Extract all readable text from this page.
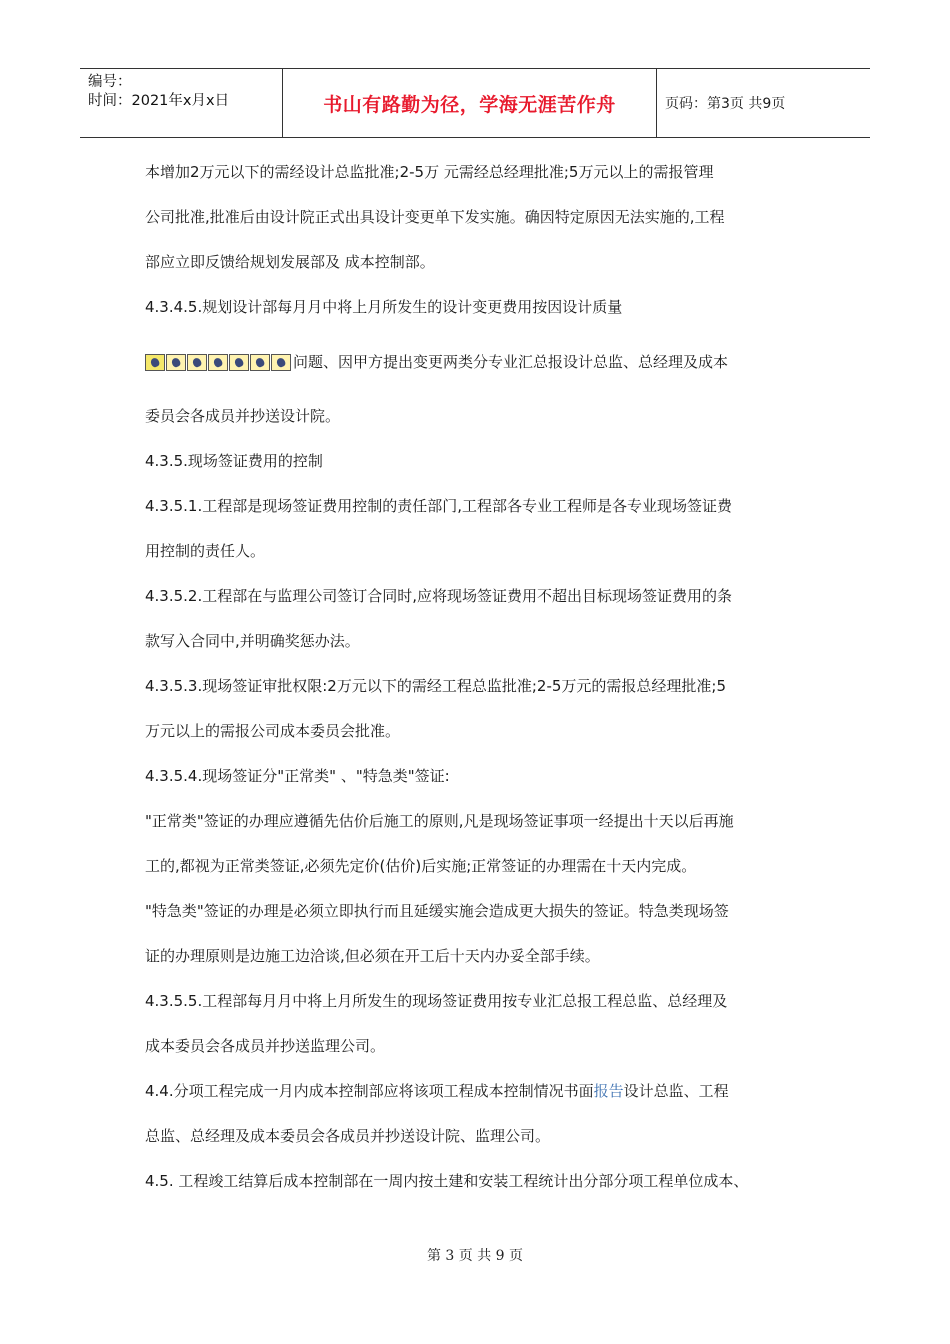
编号：
时间：2021年x月x日	书山有路勤为径，学海无涯苦作舟	页码：第3页 共9页
本增加2万元以下的需经设计总监批准;2-5万 元需经总经理批准;5万元以上的需报管理
公司批准,批准后由设计院正式出具设计变更单下发实施。确因特定原因无法实施的,工程
部应立即反馈给规划发展部及 成本控制部。
4.3.4.5.规划设计部每月月中将上月所发生的设计变更费用按因设计质量
问题、因甲方提出变更两类分专业汇总报设计总监、总经理及成本
委员会各成员并抄送设计院。
4.3.5.现场签证费用的控制
4.3.5.1.工程部是现场签证费用控制的责任部门,工程部各专业工程师是各专业现场签证费
用控制的责任人。
4.3.5.2.工程部在与监理公司签订合同时,应将现场签证费用不超出目标现场签证费用的条
款写入合同中,并明确奖惩办法。
4.3.5.3.现场签证审批权限:2万元以下的需经工程总监批准;2-5万元的需报总经理批准;5
万元以上的需报公司成本委员会批准。
4.3.5.4.现场签证分"正常类" 、"特急类"签证:
"正常类"签证的办理应遵循先估价后施工的原则,凡是现场签证事项一经提出十天以后再施
工的,都视为正常类签证,必须先定价(估价)后实施;正常签证的办理需在十天内完成。
"特急类"签证的办理是必须立即执行而且延缓实施会造成更大损失的签证。特急类现场签
证的办理原则是边施工边洽谈,但必须在开工后十天内办妥全部手续。
4.3.5.5.工程部每月月中将上月所发生的现场签证费用按专业汇总报工程总监、总经理及
成本委员会各成员并抄送监理公司。
4.4.分项工程完成一月内成本控制部应将该项工程成本控制情况书面报告设计总监、工程
总监、总经理及成本委员会各成员并抄送设计院、监理公司。
4.5. 工程竣工结算后成本控制部在一周内按土建和安装工程统计出分部分项工程单位成本、
第 3 页 共 9 页
